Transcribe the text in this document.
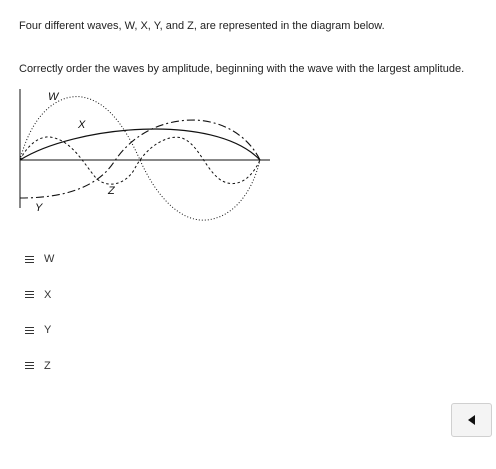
Four different waves, W, X, Y, and Z, are represented in the diagram below.

Correctly order the waves by amplitude, beginning with the wave with the largest amplitude.

W
X
Y
Z
W
X
Y
Z
